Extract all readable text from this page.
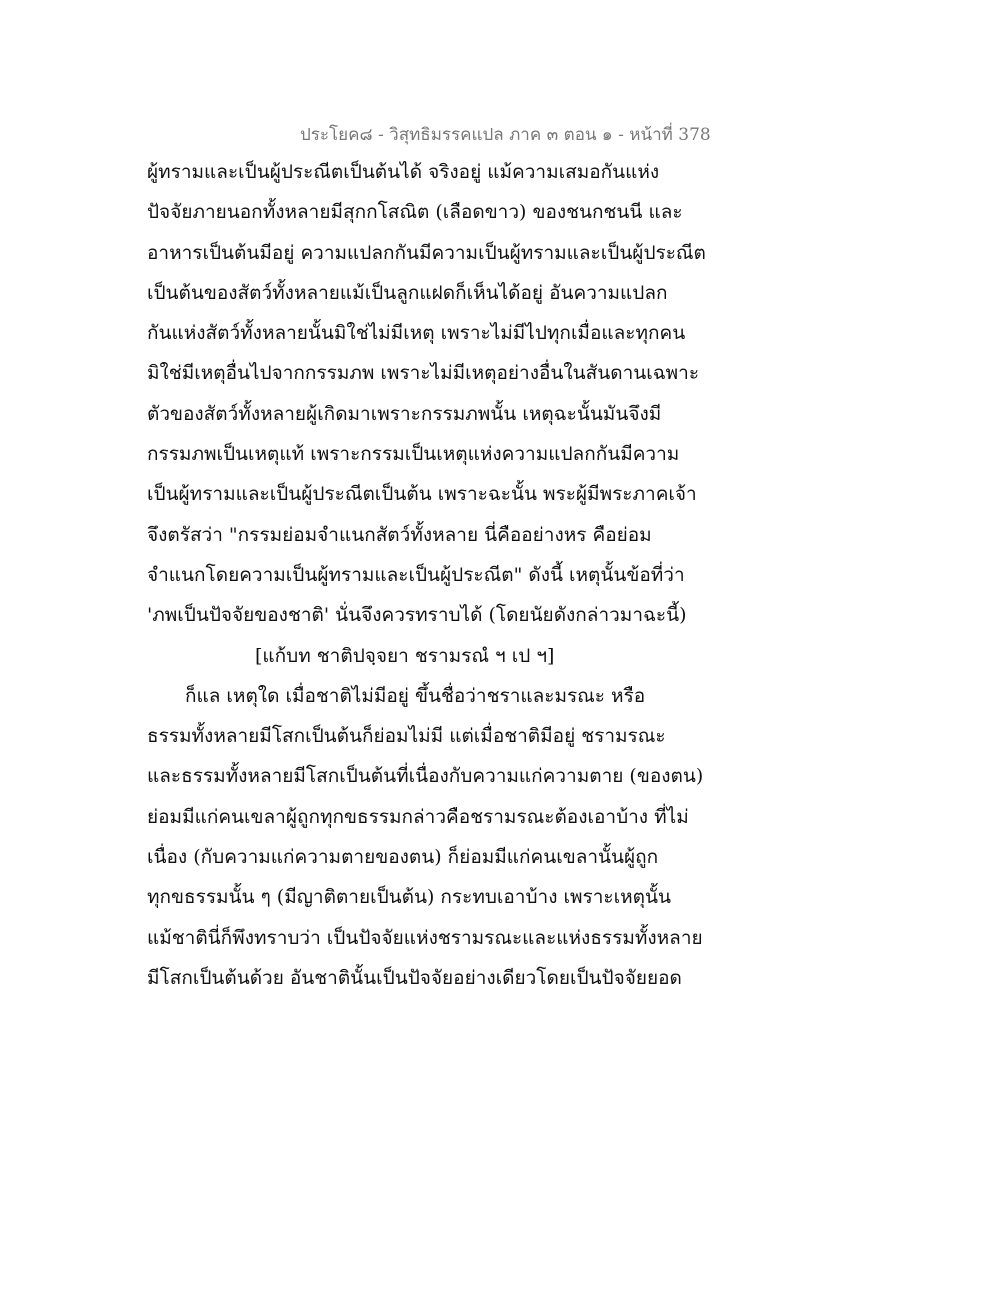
ประโยค๘ - วิสุทธิมรรคแปล ภาค ๓ ตอน ๑ - หน้าที่ 378
ผู้ทรามและเป็นผู้ประณีตเป็นต้นได้ จริงอยู่ แม้ความเสมอกันแห่ง
ปัจจัยภายนอกทั้งหลายมีสุกกโสณิต (เลือดขาว) ของชนกชนนี และ
อาหารเป็นต้นมีอยู่ ความแปลกกันมีความเป็นผู้ทรามและเป็นผู้ประณีต
เป็นต้นของสัตว์ทั้งหลายแม้เป็นลูกแฝดก็เห็นได้อยู่ อันความแปลก
กันแห่งสัตว์ทั้งหลายนั้นมิใช่ไม่มีเหตุ เพราะไม่มีไปทุกเมื่อและทุกคน
มิใช่มีเหตุอื่นไปจากกรรมภพ เพราะไม่มีเหตุอย่างอื่นในสันดานเฉพาะ
ตัวของสัตว์ทั้งหลายผู้เกิดมาเพราะกรรมภพนั้น เหตุฉะนั้นมันจึงมี
กรรมภพเป็นเหตุแท้ เพราะกรรมเป็นเหตุแห่งความแปลกกันมีความ
เป็นผู้ทรามและเป็นผู้ประณีตเป็นต้น เพราะฉะนั้น พระผู้มีพระภาคเจ้า
จึงตรัสว่า "กรรมย่อมจำแนกสัตว์ทั้งหลาย นี่คืออย่างหร คือย่อม
จำแนกโดยความเป็นผู้ทรามและเป็นผู้ประณีต" ดังนี้ เหตุนั้นข้อที่ว่า
'ภพเป็นปัจจัยของชาติ' นั่นจึงควรทราบได้ (โดยนัยดังกล่าวมาฉะนี้)
[แก้บท ชาติปจฺจยา ชรามรณํ ฯ เป ฯ]
ก็แล เหตุใด เมื่อชาติไม่มีอยู่ ขึ้นชื่อว่าชราและมรณะ หรือ
ธรรมทั้งหลายมีโสกเป็นต้นก็ย่อมไม่มี แต่เมื่อชาติมีอยู่ ชรามรณะ
และธรรมทั้งหลายมีโสกเป็นต้นที่เนื่องกับความแก่ความตาย (ของตน)
ย่อมมีแก่คนเขลาผู้ถูกทุกขธรรมกล่าวคือชรามรณะต้องเอาบ้าง ที่ไม่
เนื่อง (กับความแก่ความตายของตน) ก็ย่อมมีแก่คนเขลานั้นผู้ถูก
ทุกขธรรมนั้น ๆ (มีญาติตายเป็นต้น) กระทบเอาบ้าง เพราะเหตุนั้น
แม้ชาตินี่ก็พึงทราบว่า เป็นปัจจัยแห่งชรามรณะและแห่งธรรมทั้งหลาย
มีโสกเป็นต้นด้วย อันชาตินั้นเป็นปัจจัยอย่างเดียวโดยเป็นปัจจัยยอด
